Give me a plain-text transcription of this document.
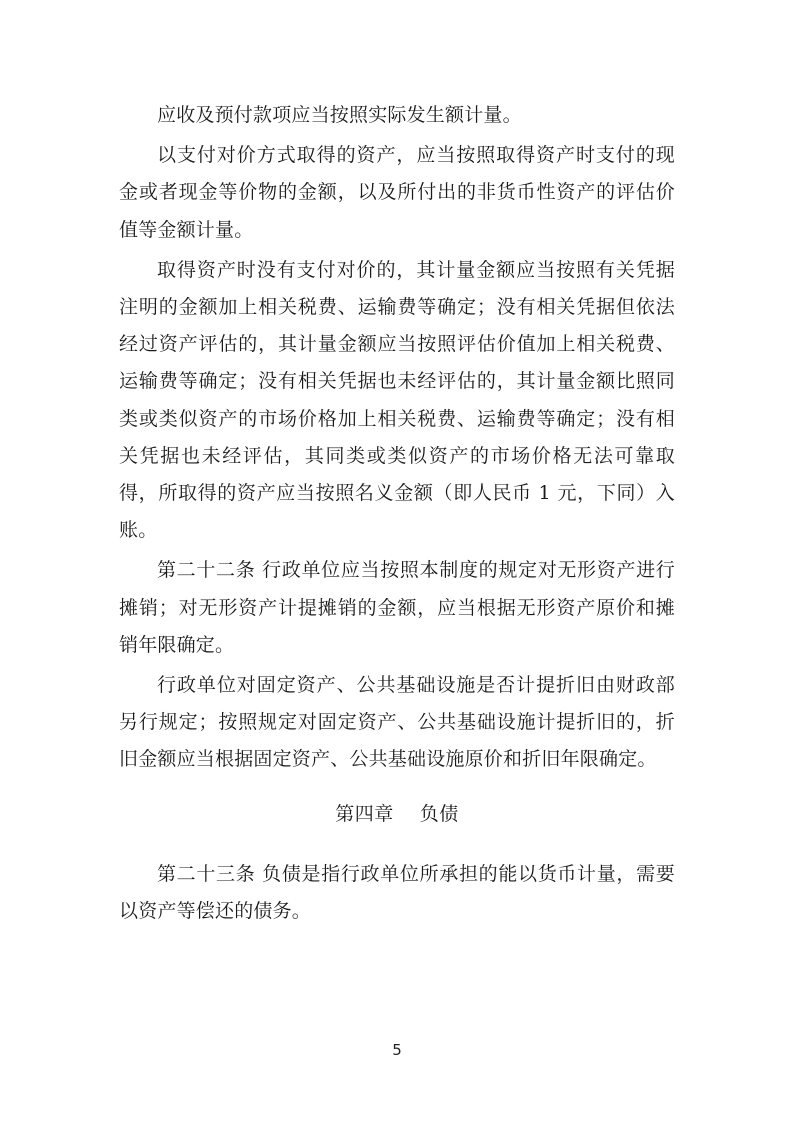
应收及预付款项应当按照实际发生额计量。

以支付对价方式取得的资产，应当按照取得资产时支付的现金或者现金等价物的金额，以及所付出的非货币性资产的评估价值等金额计量。

取得资产时没有支付对价的，其计量金额应当按照有关凭据注明的金额加上相关税费、运输费等确定；没有相关凭据但依法经过资产评估的，其计量金额应当按照评估价值加上相关税费、运输费等确定；没有相关凭据也未经评估的，其计量金额比照同类或类似资产的市场价格加上相关税费、运输费等确定；没有相关凭据也未经评估，其同类或类似资产的市场价格无法可靠取得，所取得的资产应当按照名义金额（即人民币 1 元，下同）入账。

第二十二条 行政单位应当按照本制度的规定对无形资产进行摊销；对无形资产计提摊销的金额，应当根据无形资产原价和摊销年限确定。

行政单位对固定资产、公共基础设施是否计提折旧由财政部另行规定；按照规定对固定资产、公共基础设施计提折旧的，折旧金额应当根据固定资产、公共基础设施原价和折旧年限确定。

第四章 负债

第二十三条 负债是指行政单位所承担的能以货币计量，需要以资产等偿还的债务。

5
